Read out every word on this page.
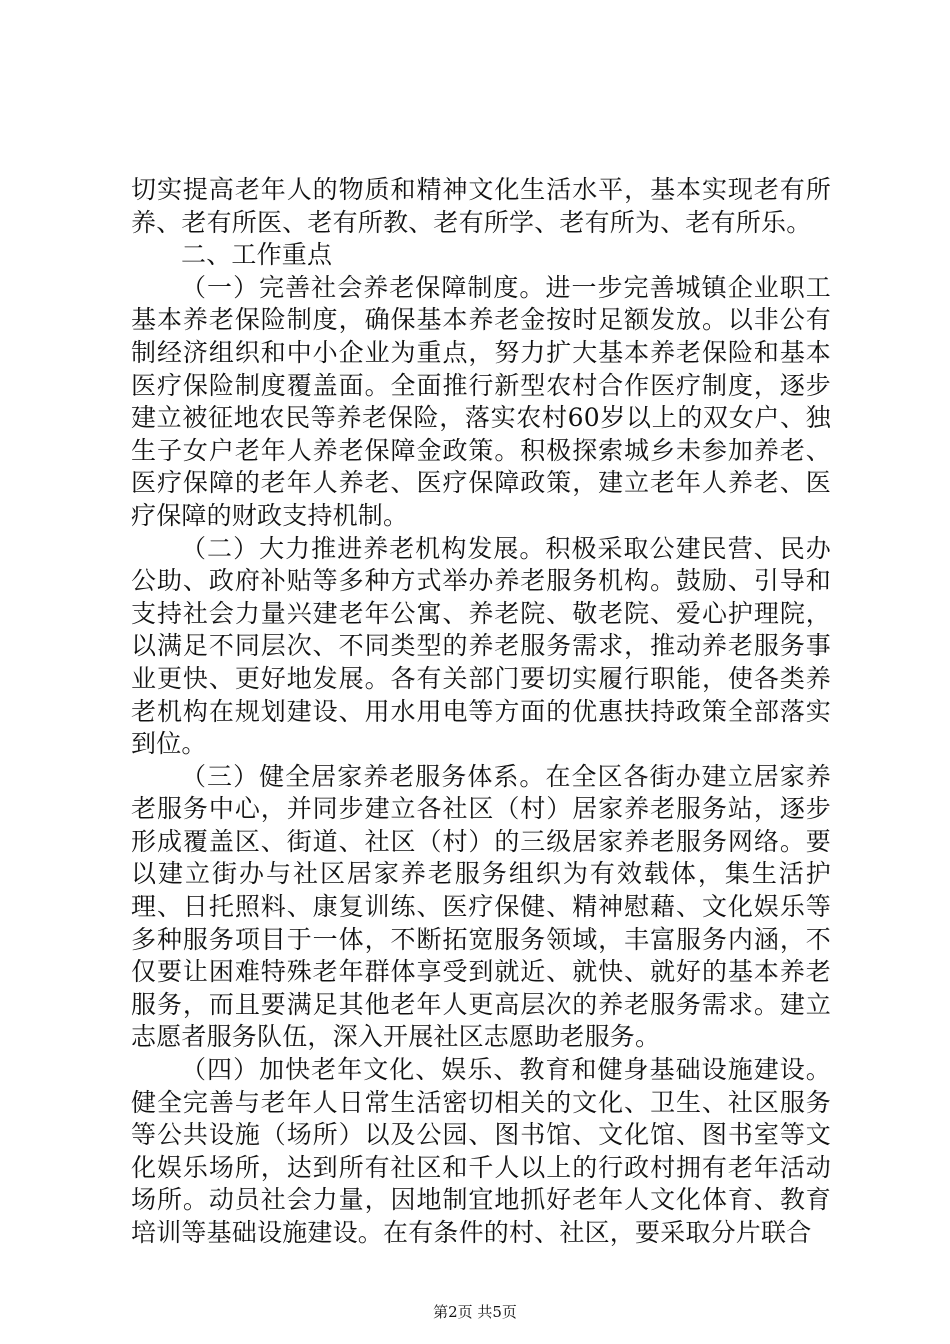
切实提高老年人的物质和精神文化生活水平，基本实现老有所养、老有所医、老有所教、老有所学、老有所为、老有所乐。

二、工作重点

（一）完善社会养老保障制度。进一步完善城镇企业职工基本养老保险制度，确保基本养老金按时足额发放。以非公有制经济组织和中小企业为重点，努力扩大基本养老保险和基本医疗保险制度覆盖面。全面推行新型农村合作医疗制度，逐步建立被征地农民等养老保险，落实农村60岁以上的双女户、独生子女户老年人养老保障金政策。积极探索城乡未参加养老、医疗保障的老年人养老、医疗保障政策，建立老年人养老、医疗保障的财政支持机制。

（二）大力推进养老机构发展。积极采取公建民营、民办公助、政府补贴等多种方式举办养老服务机构。鼓励、引导和支持社会力量兴建老年公寓、养老院、敬老院、爱心护理院，以满足不同层次、不同类型的养老服务需求，推动养老服务事业更快、更好地发展。各有关部门要切实履行职能，使各类养老机构在规划建设、用水用电等方面的优惠扶持政策全部落实到位。

（三）健全居家养老服务体系。在全区各街办建立居家养老服务中心，并同步建立各社区（村）居家养老服务站，逐步形成覆盖区、街道、社区（村）的三级居家养老服务网络。要以建立街办与社区居家养老服务组织为有效载体，集生活护理、日托照料、康复训练、医疗保健、精神慰藉、文化娱乐等多种服务项目于一体，不断拓宽服务领域，丰富服务内涵，不仅要让困难特殊老年群体享受到就近、就快、就好的基本养老服务，而且要满足其他老年人更高层次的养老服务需求。建立志愿者服务队伍，深入开展社区志愿助老服务。

（四）加快老年文化、娱乐、教育和健身基础设施建设。健全完善与老年人日常生活密切相关的文化、卫生、社区服务等公共设施（场所）以及公园、图书馆、文化馆、图书室等文化娱乐场所，达到所有社区和千人以上的行政村拥有老年活动场所。动员社会力量，因地制宜地抓好老年人文化体育、教育培训等基础设施建设。在有条件的村、社区，要采取分片联合

第2页 共5页
